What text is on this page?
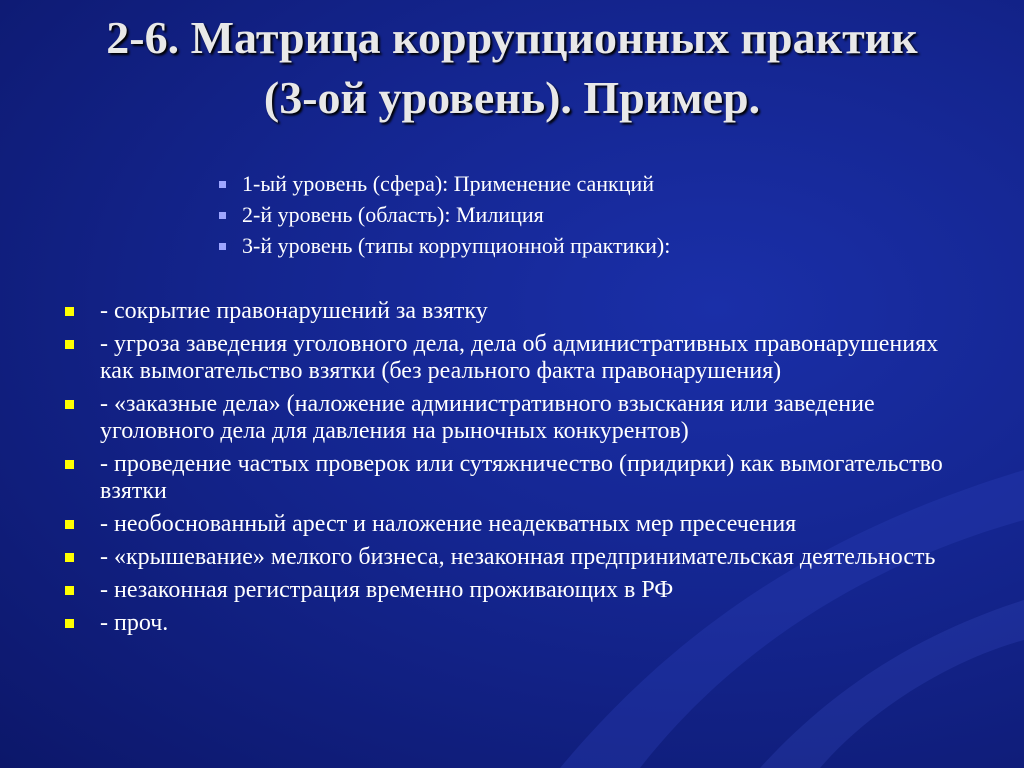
2-6. Матрица коррупционных практик
(3-ой уровень). Пример.
1-ый уровень (сфера): Применение санкций
2-й уровень (область): Милиция
3-й уровень (типы коррупционной практики):
- сокрытие правонарушений за взятку
- угроза заведения уголовного дела, дела об административных правонарушениях как вымогательство взятки (без реального факта правонарушения)
- «заказные дела» (наложение административного взыскания или заведение уголовного дела для давления на рыночных конкурентов)
- проведение частых проверок или сутяжничество (придирки) как вымогательство взятки
- необоснованный арест и наложение неадекватных мер пресечения
- «крышевание» мелкого бизнеса, незаконная предпринимательская деятельность
- незаконная регистрация временно проживающих в РФ
- проч.
